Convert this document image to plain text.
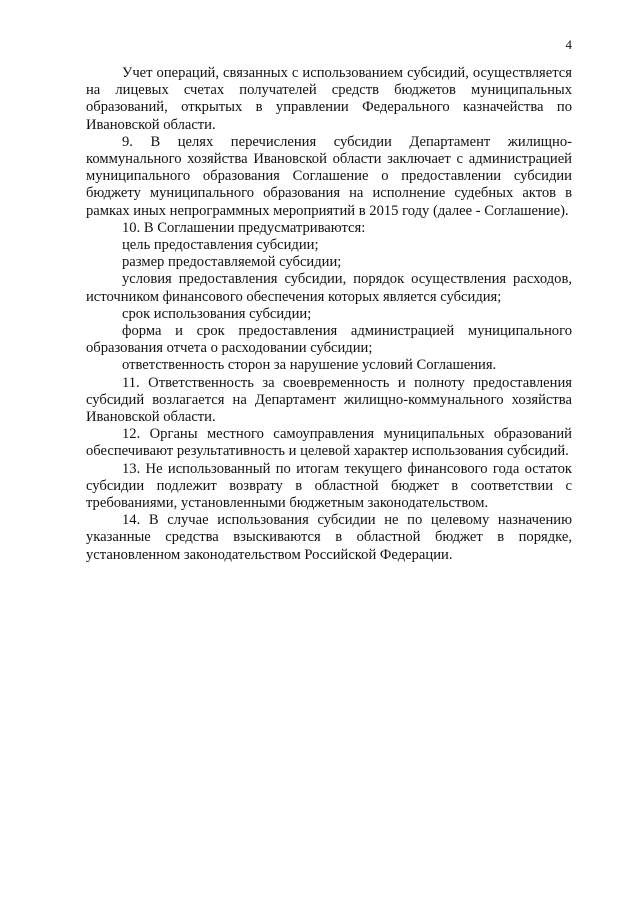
4

Учет операций, связанных с использованием субсидий, осуществляется на лицевых счетах получателей средств бюджетов муниципальных образований, открытых в управлении Федерального казначейства по Ивановской области.

9. В целях перечисления субсидии Департамент жилищно-коммунального хозяйства Ивановской области заключает с администрацией муниципального образования Соглашение о предоставлении субсидии бюджету муниципального образования на исполнение судебных актов в рамках иных непрограммных мероприятий в 2015 году (далее - Соглашение).

10. В Соглашении предусматриваются:

цель предоставления субсидии;

размер предоставляемой субсидии;

условия предоставления субсидии, порядок осуществления расходов, источником финансового обеспечения которых является субсидия;

срок использования субсидии;

форма и срок предоставления администрацией муниципального образования отчета о расходовании субсидии;

ответственность сторон за нарушение условий Соглашения.

11. Ответственность за своевременность и полноту предоставления субсидий возлагается на Департамент жилищно-коммунального хозяйства Ивановской области.

12. Органы местного самоуправления муниципальных образований обеспечивают результативность и целевой характер использования субсидий.

13. Не использованный по итогам текущего финансового года остаток субсидии подлежит возврату в областной бюджет в соответствии с требованиями, установленными бюджетным законодательством.

14. В случае использования субсидии не по целевому назначению указанные средства взыскиваются в областной бюджет в порядке, установленном законодательством Российской Федерации.
